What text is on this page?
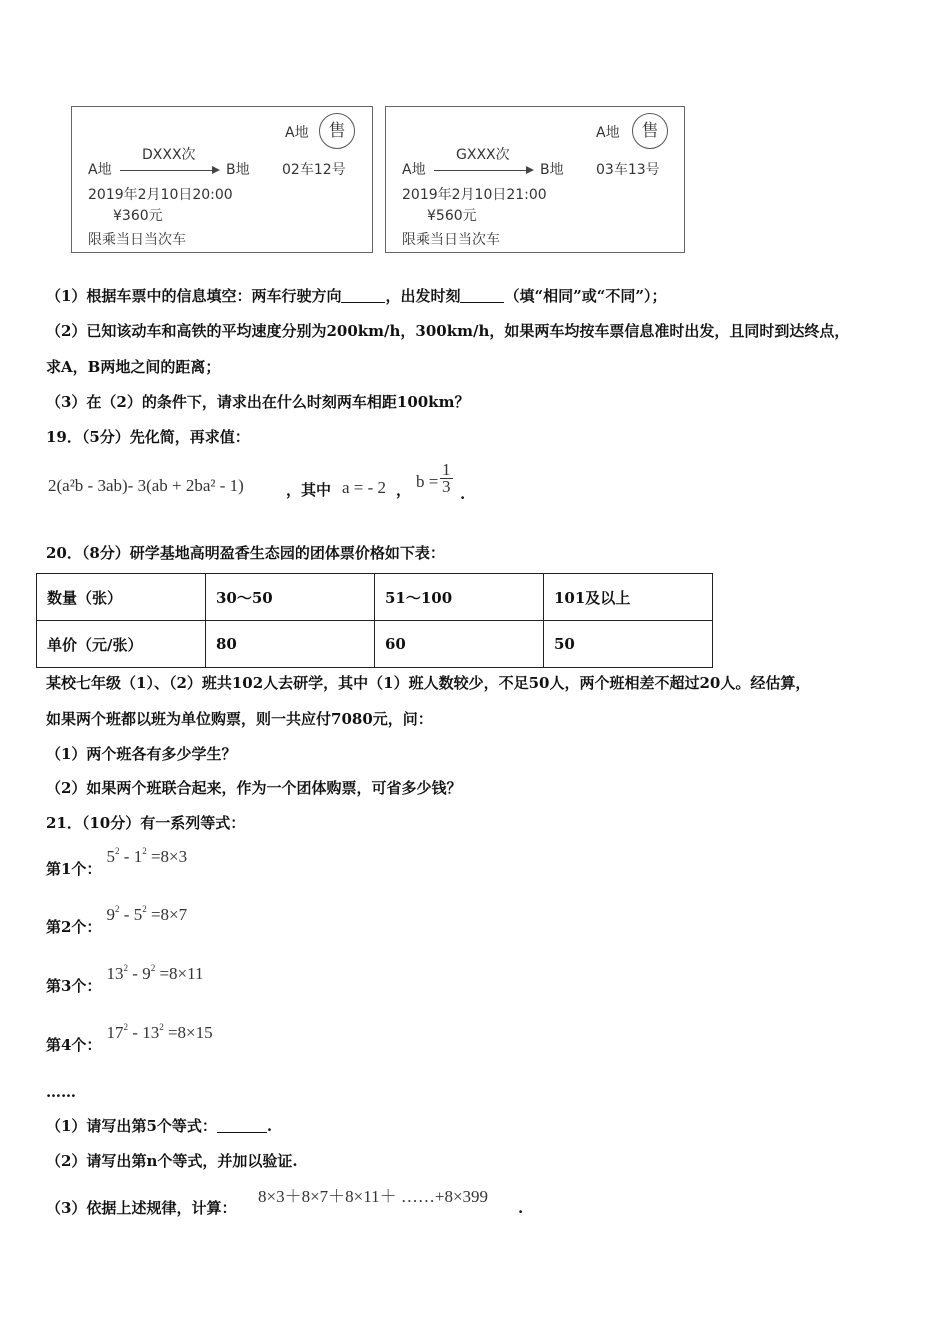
A地	售
DXXX次
A地	B地 02车12号
2019年2月10日20:00
¥360元
限乘当日当次车
A地	售
GXXX次
A地	B地 03车13号
2019年2月10日21:00
¥560元
限乘当日当次车
（1）根据车票中的信息填空：两车行驶方向	，出发时刻	（填“相同”或“不同”）；
（2）已知该动车和高铁的平均速度分别为200km/h，300km/h，如果两车均按车票信息准时出发，且同时到达终点，
求A，B两地之间的距离；
（3）在（2）的条件下，请求出在什么时刻两车相距100km？
19．（5分）先化简，再求值：
2(a²b - 3ab)- 3(ab + 2ba² - 1)	，其中 a = - 2 ， $b = \frac{1}{3}$ .
20．（8分）研学基地高明盈香生态园的团体票价格如下表：
数量（张）	30～50	51～100	101及以上
单价（元/张）	80	60	50
某校七年级（1）、（2）班共102人去研学，其中（1）班人数较少，不足50人，两个班相差不超过20人。经估算，
如果两个班都以班为单位购票，则一共应付7080元，问：
（1）两个班各有多少学生？
（2）如果两个班联合起来，作为一个团体购票，可省多少钱？
21．（10分）有一系列等式：
第1个： $5^2 - 1^2 =8\times 3$
第2个： $9^2 - 5^2 =8\times 7$
第3个： $13^2 - 9^2 =8\times 11$
第4个： $17^2 - 13^2 =8\times 15$
……
（1）请写出第5个等式：	.
（2）请写出第n个等式，并加以验证.
（3）依据上述规律，计算：
8×3＋8×7＋8×11＋ ……+8×399
.
